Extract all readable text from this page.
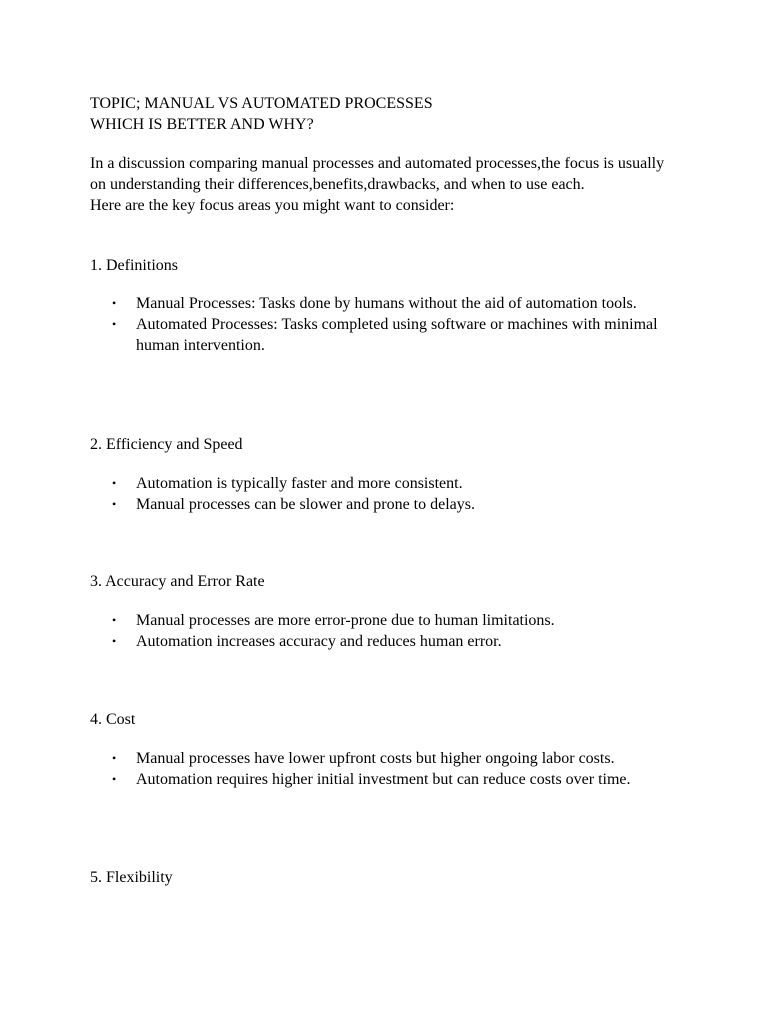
TOPIC; MANUAL VS AUTOMATED PROCESSES
WHICH IS BETTER AND WHY?
In a discussion comparing manual processes and automated processes,the focus is usually on understanding their differences,benefits,drawbacks, and when to use each.
Here are the key focus areas you might want to consider:

1. Definitions

• Manual Processes: Tasks done by humans without the aid of automation tools.
• Automated Processes: Tasks completed using software or machines with minimal human intervention.

2. Efficiency and Speed

• Automation is typically faster and more consistent.
• Manual processes can be slower and prone to delays.

3. Accuracy and Error Rate

• Manual processes are more error-prone due to human limitations.
• Automation increases accuracy and reduces human error.

4. Cost

• Manual processes have lower upfront costs but higher ongoing labor costs.
• Automation requires higher initial investment but can reduce costs over time.

5. Flexibility
